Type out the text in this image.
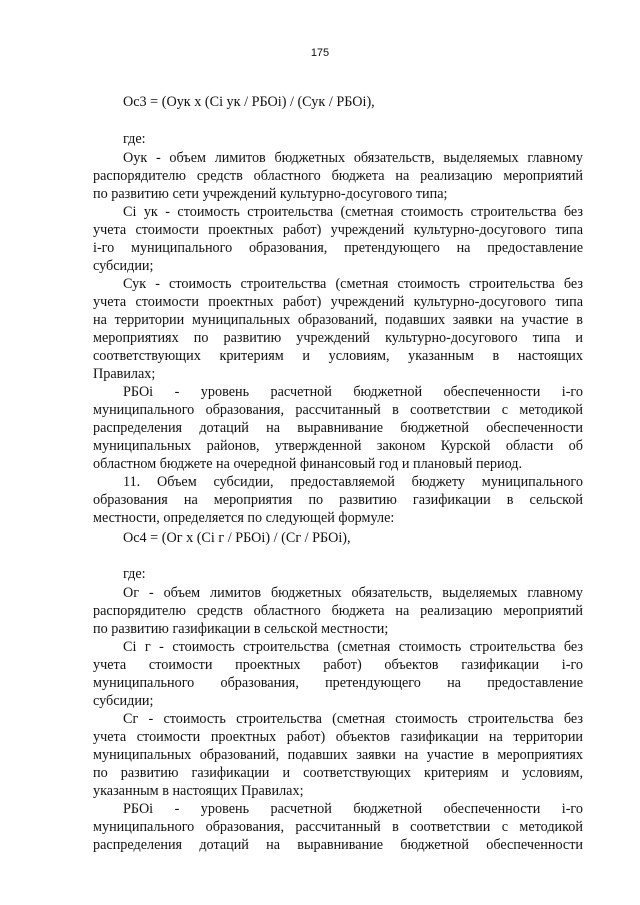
175
Ос3 = (Оук х (Сi ук / РБОi) / (Сук / РБОi),
где:
Оук - объем лимитов бюджетных обязательств, выделяемых главному
распорядителю средств областного бюджета на реализацию мероприятий
по развитию сети учреждений культурно-досугового типа;
Сi ук - стоимость строительства (сметная стоимость строительства без
учета стоимости проектных работ) учреждений культурно-досугового типа
i-го муниципального образования, претендующего на предоставление
субсидии;
Сук - стоимость строительства (сметная стоимость строительства без
учета стоимости проектных работ) учреждений культурно-досугового типа
на территории муниципальных образований, подавших заявки на участие в
мероприятиях по развитию учреждений культурно-досугового типа и
соответствующих критериям и условиям, указанным в настоящих
Правилах;
РБОi - уровень расчетной бюджетной обеспеченности i-го
муниципального образования, рассчитанный в соответствии с методикой
распределения дотаций на выравнивание бюджетной обеспеченности
муниципальных районов, утвержденной законом Курской области об
областном бюджете на очередной финансовый год и плановый период.
11. Объем субсидии, предоставляемой бюджету муниципального
образования на мероприятия по развитию газификации в сельской
местности, определяется по следующей формуле:
Ос4 = (Ог х (Сi г / РБОi) / (Сг / РБОi),
где:
Ог - объем лимитов бюджетных обязательств, выделяемых главному
распорядителю средств областного бюджета на реализацию мероприятий
по развитию газификации в сельской местности;
Сi г - стоимость строительства (сметная стоимость строительства без
учета стоимости проектных работ) объектов газификации i-го
муниципального образования, претендующего на предоставление
субсидии;
Сг - стоимость строительства (сметная стоимость строительства без
учета стоимости проектных работ) объектов газификации на территории
муниципальных образований, подавших заявки на участие в мероприятиях
по развитию газификации и соответствующих критериям и условиям,
указанным в настоящих Правилах;
РБОi - уровень расчетной бюджетной обеспеченности i-го
муниципального образования, рассчитанный в соответствии с методикой
распределения дотаций на выравнивание бюджетной обеспеченности
